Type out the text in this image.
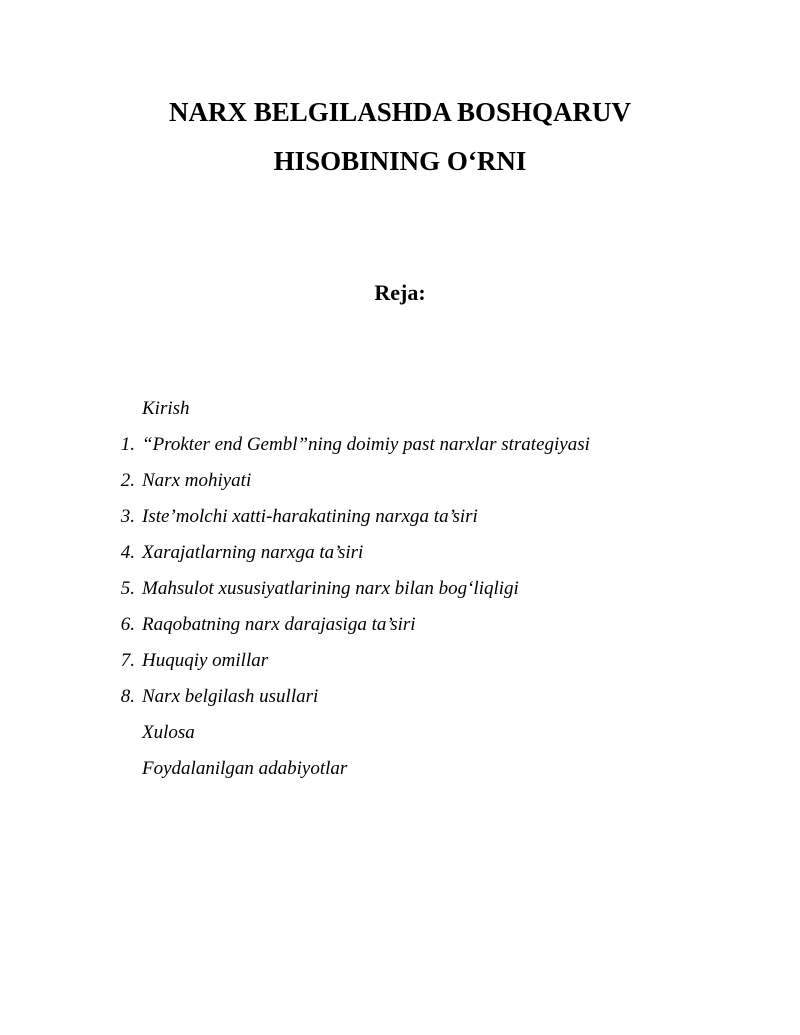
NARX BELGILASHDA BOSHQARUV
HISOBINING O‘RNI
Reja:
Kirish
1. “Prokter end Gembl”ning doimiy past narxlar strategiyasi
2. Narx mohiyati
3. Iste’molchi xatti-harakatining narxga ta’siri
4. Xarajatlarning narxga ta’siri
5. Mahsulot xususiyatlarining narx bilan bog‘liqligi
6. Raqobatning narx darajasiga ta’siri
7. Huquqiy omillar
8. Narx belgilash usullari
Xulosa
Foydalanilgan adabiyotlar
